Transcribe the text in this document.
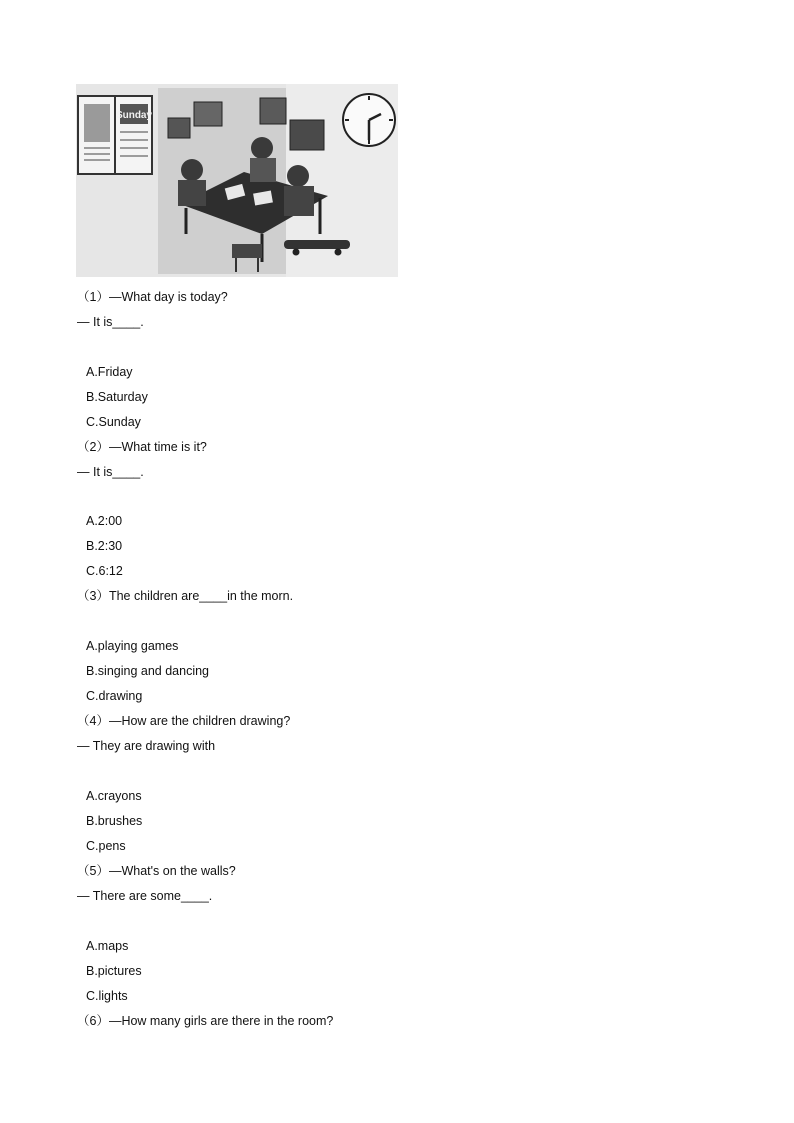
Sunday
（1）—What day is today?
— It is____.
A.Friday
B.Saturday
C.Sunday
（2）—What time is it?
— It is____.
A.2:00
B.2:30
C.6:12
（3）The children are____in the morn.
A.playing games
B.singing and dancing
C.drawing
（4）—How are the children drawing?
— They are drawing with
A.crayons
B.brushes
C.pens
（5）—What's on the walls?
— There are some____.
A.maps
B.pictures
C.lights
（6）—How many girls are there in the room?
